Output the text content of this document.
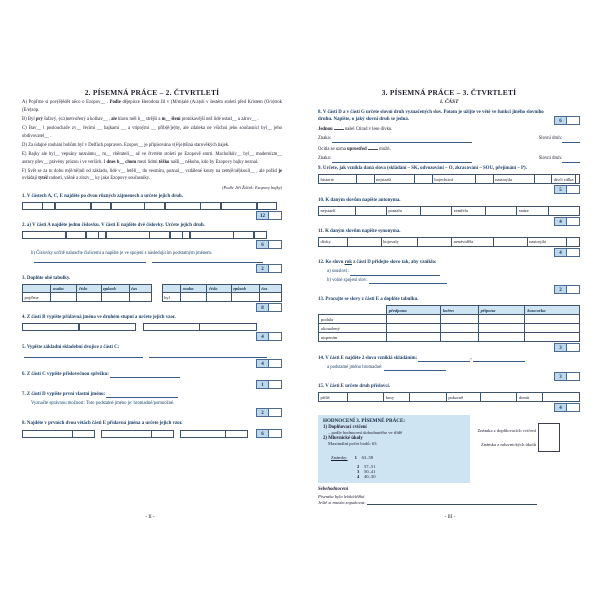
2. PÍSEMNÁ PRÁCE – 2. ČTVRTLETÍ
A) Pojďme si pov(ě)ědět něco o Ezopov__ . Podle dějepisce Herodota žil v (M/m)alé (A/a)sii v šestém století před Kristem (O/o)trok (E/e)zop.
B) Byl prý šafavý, (s/z)netvořený a kolhav__ , ale hlavu měl b__ strějši a m__ šlení pronikavější než lidé ostatl__ a zárov__ .
C) Bav__ l poslouchače zv__ řecími __ bajkami __ a vtipnými __ příb(ě/je)hy, ale zdaleka ne všichni jeho současníci byl__ jeho obdivovatel__ .
D) Za údajné rouhání bohům byl v Delfách popraven. Ezopov__ je připisována v(ě/je)tšina starověkých bajek.
E) Bajky ale byl__ vepsány neznámu__ m__ vběrateli__ až ve čtvrtém století po Ezopově smrti. Macholkův__ byl__ modernizm__ autory přev__ právény prózou i ve verších. I dnes b__ chom mezi lidmi těžko našli__ někoho, kdo by Ezopovy bajky neznal.
F) Svět se za tu dobu m(ě/ně)nil od základu, lidé v__ letěli__ do vesmíru, poznal__ vzdálené kouty na zem(ě/ně)kouli__ , ale pořád je ovládají tytéž radosti, vášně a zlozv__ ky jako Ezopovy současníky.
(Podle Jiří Žáček: Ezopovy bajky)
1. V částech A, C, E najděte po dvou různých zájmenech a určete jejich druh.
12
2. a) V části A najděte jednu číslovku. V části E najděte dvě číslovky. Určete jejich druh.
6
b) Číslovky určitě nahraďte číslicemi a napište je ve spojení s následujícím podstatným jménem.
2
3. Doplňte obě tabulky.
	osoba	číslo	způsob	čas
pojďme				
	osoba	číslo	způsob	čas
byl				
8
4. Z části B vypište přídavná jména ve druhém stupni a určete jejich vzor.
4
5. Vypište základní skladební dvojice z části C:
4
6. Z části C vypište příslovečnou spřežku:
1
7. Z části D vypište první vlastní jméno:
Vyznačte správnou možnost: Toto podstatné jméno je: hromadné/pomnožné.
2
8. Najděte v prvních dvou větách části E přídavná jména a určete jejich vzor.
6
- II -
3. PÍSEMNÁ PRÁCE – 3. ČTVRTLETÍ
1. ČÁST
8. V části D a v části G určete slovní druh vyznačených slov. Potom je užijte ve větě ve funkci jiného slovního druhu. Napište, o jaký slovní druh se jedná.	6
Jednou	našel Ctirad v lese dívku.
Znaka:	Slovní druh:
Ocitla se uzma uprostřed	mužů.
Znaka:	Slovní druh:
9. Určete, jak vznikla daná slova (skládání – SK, odvozování – O, zkracování – SOU, přejímání – P).
historie		nejstarší		bojechtivá		nastrojila		dívčí válka	
5
10. K daným slovům napište antonyma.
nejstarší		pomalu		zemřela		snáze	
4
11. K daným slovům napište synonyma.
dívky		bojovaly		nenáviděla		nastrojila	
4
12. Ke slovu rok z části D přidejte slovo tak, aby vzniklo:
a) souslovi:
b) volné spojení slov:
2
13. Pracujte se slovy z části E a doplňte tabulku.
	předpona	kořen	přípona	koncovka
podala				
okouzlený				
utrpením				
3
14. V části E najděte 2 slova vzniklá skládáním:	,
a podstatné jméno hromadné:
3
15. V části E určete druh příslovcí.
příliš		bosy		pokorně		domů	
4
HODNOCENÍ 3. PÍSEMNÉ PRÁCE:
1) Doplňovací cvičení
– podle hodnocení dohodnutého ve třídě
2) Mluvnické úkoly
Maximální počet bodů: 63
Známky: 1 63–58
2 57–51
3 50–41
4 40–30
Známka z doplňovacích cvičení
Známka z mluvnických úkolů
Sebehodnocení
Písemka byla lehká/těžká
Ještě si musím zopakovat:
- III -
